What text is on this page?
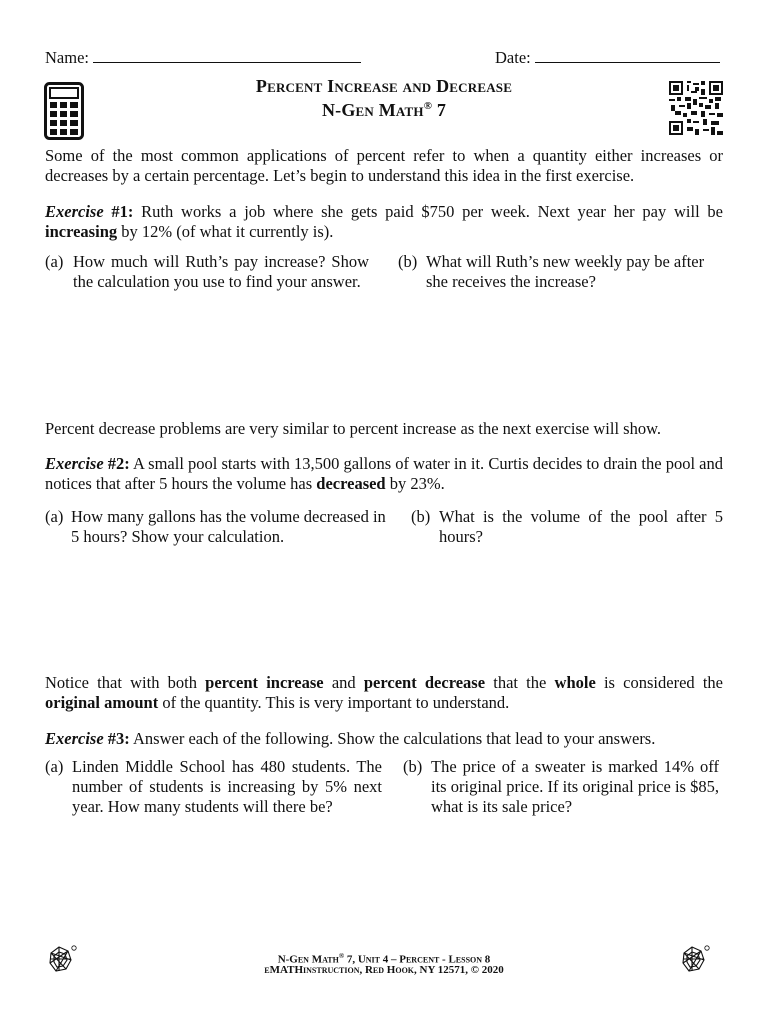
Name:	Date:
Percent Increase and Decrease
N-Gen Math® 7
Some of the most common applications of percent refer to when a quantity either increases or decreases by a certain percentage. Let’s begin to understand this idea in the first exercise.
Exercise #1: Ruth works a job where she gets paid $750 per week. Next year her pay will be increasing by 12% (of what it currently is).
(a) How much will Ruth’s pay increase? Show the calculation you use to find your answer.
(b) What will Ruth’s new weekly pay be after she receives the increase?
Percent decrease problems are very similar to percent increase as the next exercise will show.
Exercise #2: A small pool starts with 13,500 gallons of water in it. Curtis decides to drain the pool and notices that after 5 hours the volume has decreased by 23%.
(a) How many gallons has the volume decreased in 5 hours? Show your calculation.
(b) What is the volume of the pool after 5 hours?
Notice that with both percent increase and percent decrease that the whole is considered the original amount of the quantity. This is very important to understand.
Exercise #3: Answer each of the following. Show the calculations that lead to your answers.
(a) Linden Middle School has 480 students. The number of students is increasing by 5% next year. How many students will there be?
(b) The price of a sweater is marked 14% off its original price. If its original price is $85, what is its sale price?
N-Gen Math® 7, Unit 4 – Percent - Lesson 8
eMATHinstruction, Red Hook, NY 12571, © 2020
